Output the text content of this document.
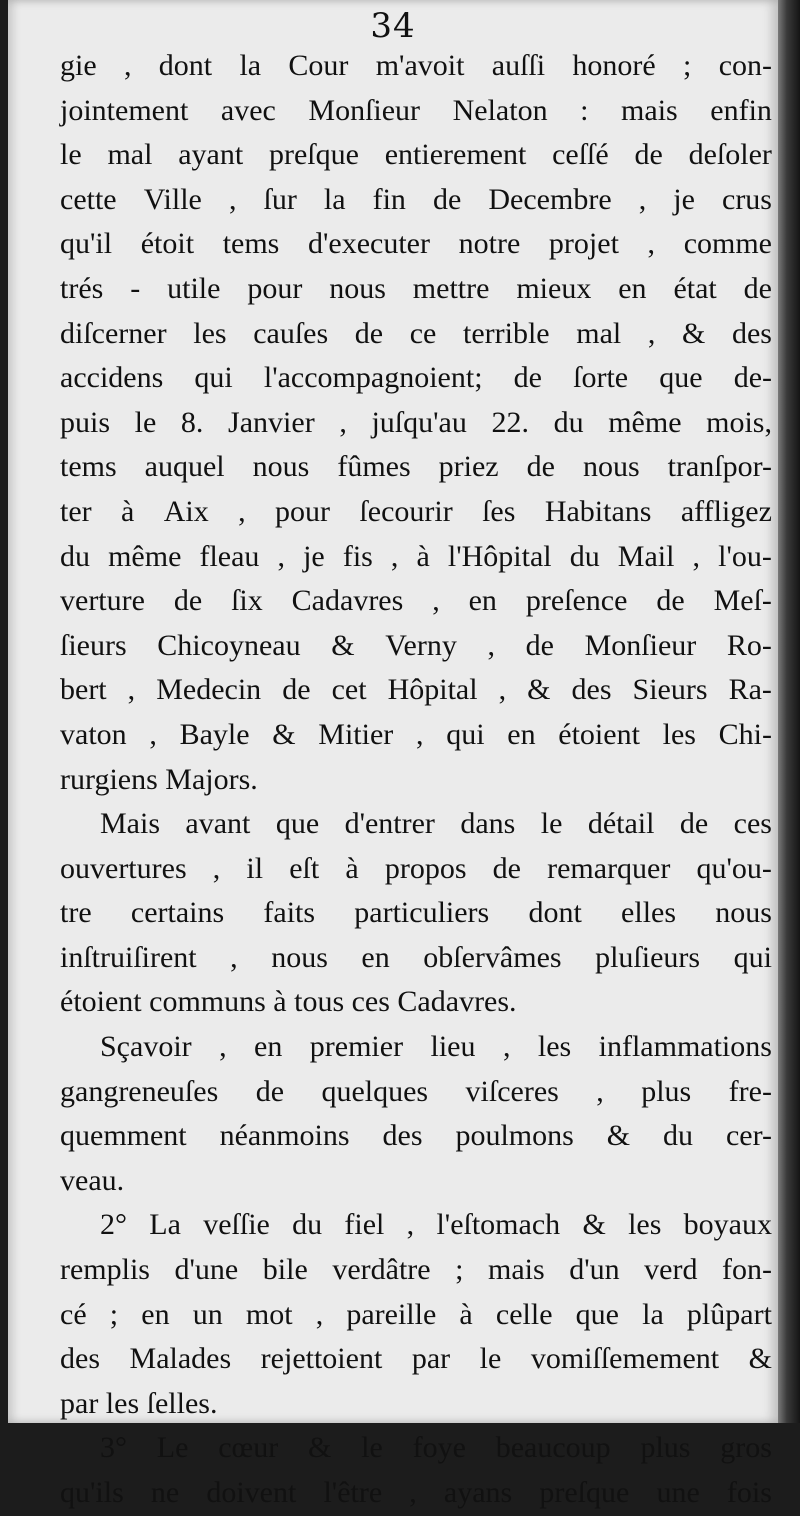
34
gie , dont la Cour m'avoit auſſi honoré ; con-
jointement avec Monſieur Nelaton : mais enfin
le mal ayant preſque entierement ceſſé de deſoler
cette Ville , ſur la fin de Decembre , je crus
qu'il étoit tems d'executer notre projet , comme
trés - utile pour nous mettre mieux en état de
diſcerner les cauſes de ce terrible mal , & des
accidens qui l'accompagnoient; de ſorte que de-
puis le 8. Janvier , juſqu'au 22. du même mois,
tems auquel nous fûmes priez de nous tranſpor-
ter à Aix , pour ſecourir ſes Habitans affligez
du même fleau , je fis , à l'Hôpital du Mail , l'ou-
verture de ſix Cadavres , en preſence de Meſ-
ſieurs Chicoyneau & Verny , de Monſieur Ro-
bert , Medecin de cet Hôpital , & des Sieurs Ra-
vaton , Bayle & Mitier , qui en étoient les Chi-
rurgiens Majors.
Mais avant que d'entrer dans le détail de ces
ouvertures , il eſt à propos de remarquer qu'ou-
tre certains faits particuliers dont elles nous
inſtruiſirent , nous en obſervâmes pluſieurs qui
étoient communs à tous ces Cadavres.
Sçavoir , en premier lieu , les inflammations
gangreneuſes de quelques viſceres , plus fre-
quemment néanmoins des poulmons & du cer-
veau.
2° La veſſie du fiel , l'eſtomach & les boyaux
remplis d'une bile verdâtre ; mais d'un verd fon-
cé ; en un mot , pareille à celle que la plûpart
des Malades rejettoient par le vomiſſemement &
par les ſelles.
3° Le cœur & le foye beaucoup plus gros
qu'ils ne doivent l'être , ayans preſque une fois
